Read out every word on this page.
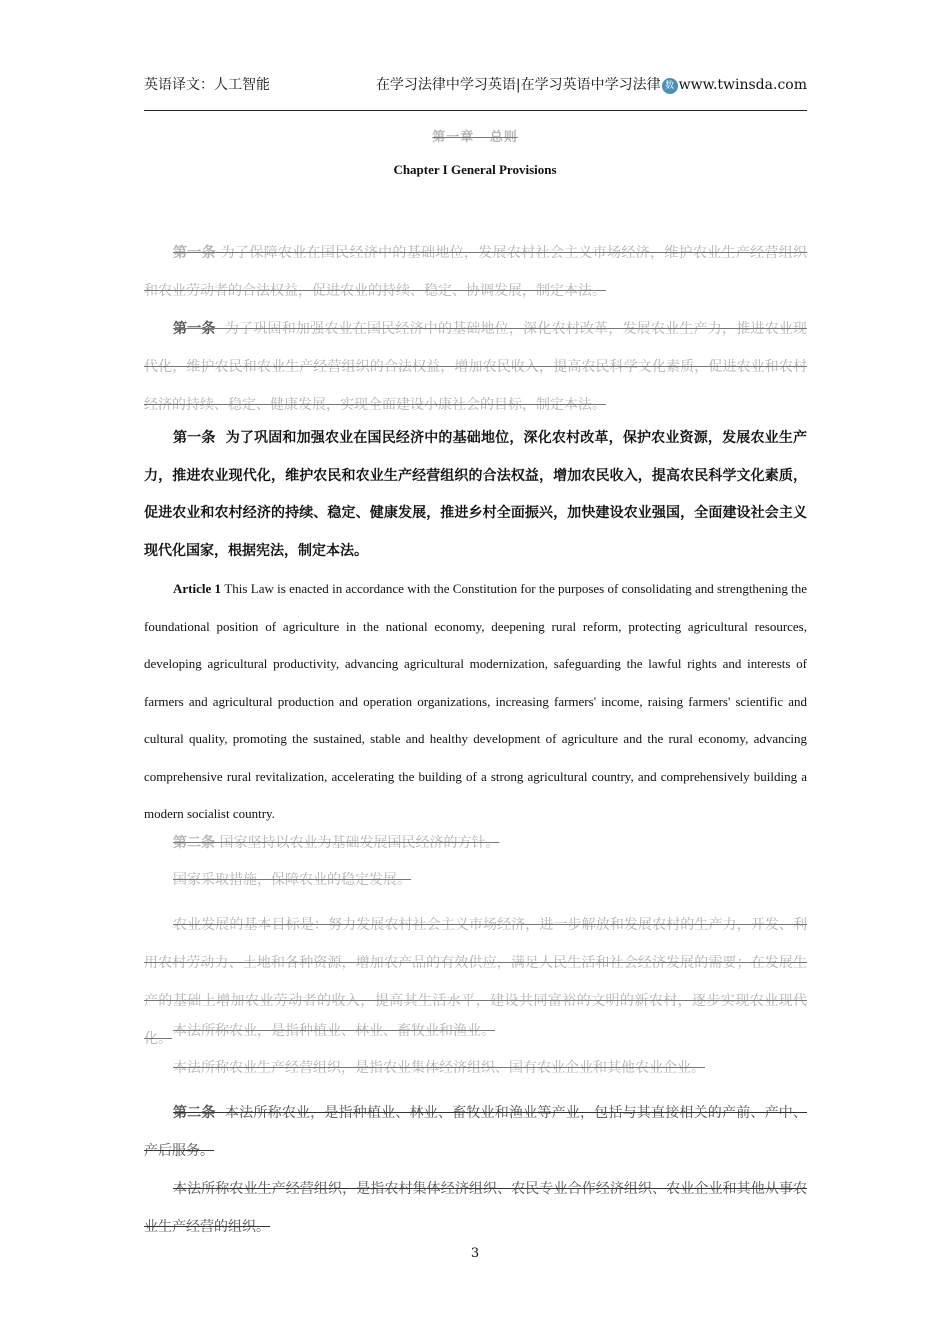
英语译文：人工智能	在学习法律中学习英语|在学习英语中学习法律 数 www.twinsda.com
第一章 总则
Chapter I General Provisions

第一条 为了保障农业在国民经济中的基础地位，发展农村社会主义市场经济，维护农业生产经营组织和农业劳动者的合法权益，促进农业的持续、稳定、协调发展，制定本法。

第一条 为了巩固和加强农业在国民经济中的基础地位，深化农村改革，发展农业生产力，推进农业现代化，维护农民和农业生产经营组织的合法权益，增加农民收入，提高农民科学文化素质，促进农业和农村经济的持续、稳定、健康发展，实现全面建设小康社会的目标，制定本法。

第一条 为了巩固和加强农业在国民经济中的基础地位，深化农村改革，保护农业资源，发展农业生产力，推进农业现代化，维护农民和农业生产经营组织的合法权益，增加农民收入，提高农民科学文化素质，促进农业和农村经济的持续、稳定、健康发展，推进乡村全面振兴，加快建设农业强国，全面建设社会主义现代化国家，根据宪法，制定本法。

Article 1 This Law is enacted in accordance with the Constitution for the purposes of consolidating and strengthening the foundational position of agriculture in the national economy, deepening rural reform, protecting agricultural resources, developing agricultural productivity, advancing agricultural modernization, safeguarding the lawful rights and interests of farmers and agricultural production and operation organizations, increasing farmers' income, raising farmers' scientific and cultural quality, promoting the sustained, stable and healthy development of agriculture and the rural economy, advancing comprehensive rural revitalization, accelerating the building of a strong agricultural country, and comprehensively building a modern socialist country.

第二条 国家坚持以农业为基础发展国民经济的方针。

国家采取措施，保障农业的稳定发展。

农业发展的基本目标是：努力发展农村社会主义市场经济，进一步解放和发展农村的生产力，开发、利用农村劳动力、土地和各种资源，增加农产品的有效供应，满足人民生活和社会经济发展的需要；在发展生产的基础上增加农业劳动者的收入，提高其生活水平，建设共同富裕的文明的新农村，逐步实现农业现代化。 本法所称农业，是指种植业、林业、畜牧业和渔业。

本法所称农业生产经营组织，是指农业集体经济组织、国有农业企业和其他农业企业。

第二条 本法所称农业，是指种植业、林业、畜牧业和渔业等产业，包括与其直接相关的产前、产中、产后服务。

本法所称农业生产经营组织，是指农村集体经济组织、农民专业合作经济组织、农业企业和其他从事农业生产经营的组织。

3
